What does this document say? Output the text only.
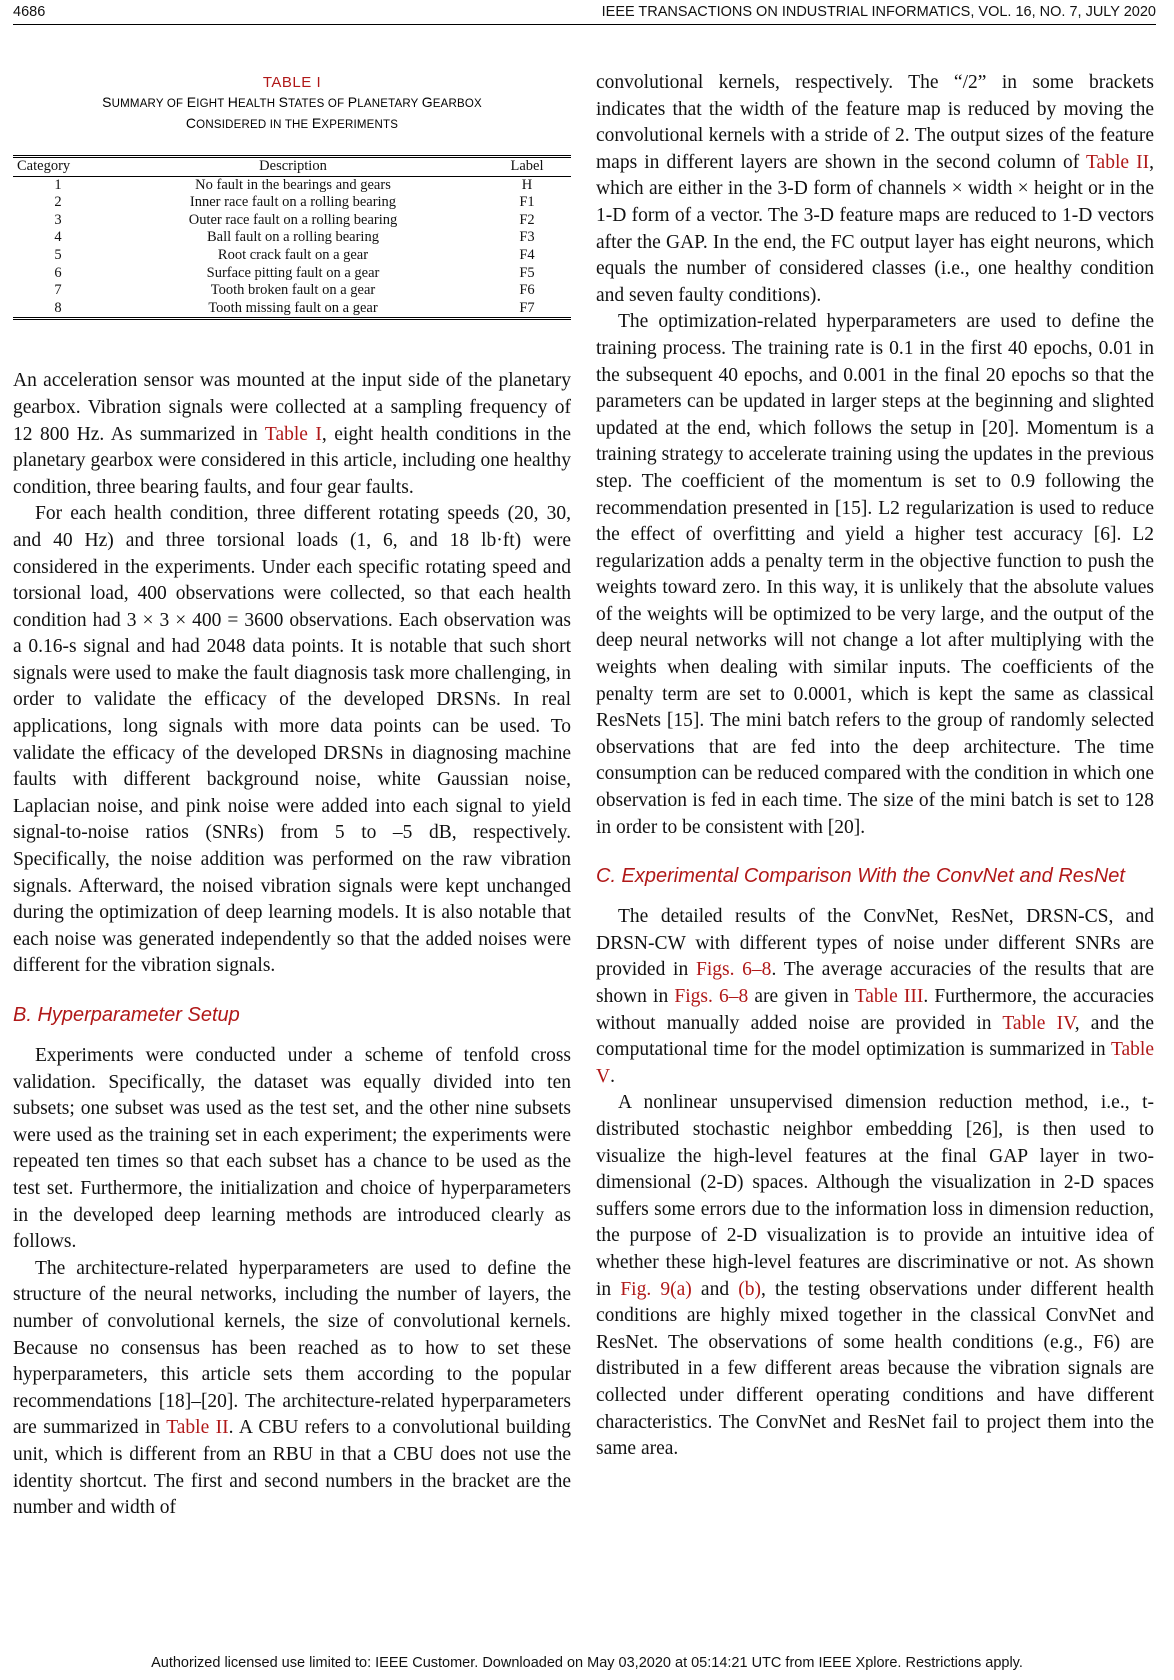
4686	IEEE TRANSACTIONS ON INDUSTRIAL INFORMATICS, VOL. 16, NO. 7, JULY 2020
TABLE I
SUMMARY OF EIGHT HEALTH STATES OF PLANETARY GEARBOX
CONSIDERED IN THE EXPERIMENTS
Category	Description	Label
1	No fault in the bearings and gears	H
2	Inner race fault on a rolling bearing	F1
3	Outer race fault on a rolling bearing	F2
4	Ball fault on a rolling bearing	F3
5	Root crack fault on a gear	F4
6	Surface pitting fault on a gear	F5
7	Tooth broken fault on a gear	F6
8	Tooth missing fault on a gear	F7

An acceleration sensor was mounted at the input side of the planetary gearbox. Vibration signals were collected at a sampling frequency of 12 800 Hz. As summarized in Table I, eight health conditions in the planetary gearbox were considered in this article, including one healthy condition, three bearing faults, and four gear faults.

For each health condition, three different rotating speeds (20, 30, and 40 Hz) and three torsional loads (1, 6, and 18 lb·ft) were considered in the experiments. Under each specific rotating speed and torsional load, 400 observations were collected, so that each health condition had 3 × 3 × 400 = 3600 observations. Each observation was a 0.16-s signal and had 2048 data points. It is notable that such short signals were used to make the fault diagnosis task more challenging, in order to validate the efficacy of the developed DRSNs. In real applications, long signals with more data points can be used. To validate the efficacy of the developed DRSNs in diagnosing machine faults with different background noise, white Gaussian noise, Laplacian noise, and pink noise were added into each signal to yield signal-to-noise ratios (SNRs) from 5 to –5 dB, respectively. Specifically, the noise addition was performed on the raw vibration signals. Afterward, the noised vibration signals were kept unchanged during the optimization of deep learning models. It is also notable that each noise was generated independently so that the added noises were different for the vibration signals.

B. Hyperparameter Setup

Experiments were conducted under a scheme of tenfold cross validation. Specifically, the dataset was equally divided into ten subsets; one subset was used as the test set, and the other nine subsets were used as the training set in each experiment; the experiments were repeated ten times so that each subset has a chance to be used as the test set. Furthermore, the initialization and choice of hyperparameters in the developed deep learning methods are introduced clearly as follows.

The architecture-related hyperparameters are used to define the structure of the neural networks, including the number of layers, the number of convolutional kernels, the size of convolutional kernels. Because no consensus has been reached as to how to set these hyperparameters, this article sets them according to the popular recommendations [18]–[20]. The architecture-related hyperparameters are summarized in Table II. A CBU refers to a convolutional building unit, which is different from an RBU in that a CBU does not use the identity shortcut. The first and second numbers in the bracket are the number and width of

convolutional kernels, respectively. The “/2” in some brackets indicates that the width of the feature map is reduced by moving the convolutional kernels with a stride of 2. The output sizes of the feature maps in different layers are shown in the second column of Table II, which are either in the 3-D form of channels × width × height or in the 1-D form of a vector. The 3-D feature maps are reduced to 1-D vectors after the GAP. In the end, the FC output layer has eight neurons, which equals the number of considered classes (i.e., one healthy condition and seven faulty conditions).

The optimization-related hyperparameters are used to define the training process. The training rate is 0.1 in the first 40 epochs, 0.01 in the subsequent 40 epochs, and 0.001 in the final 20 epochs so that the parameters can be updated in larger steps at the beginning and slighted updated at the end, which follows the setup in [20]. Momentum is a training strategy to accelerate training using the updates in the previous step. The coefficient of the momentum is set to 0.9 following the recommendation presented in [15]. L2 regularization is used to reduce the effect of overfitting and yield a higher test accuracy [6]. L2 regularization adds a penalty term in the objective function to push the weights toward zero. In this way, it is unlikely that the absolute values of the weights will be optimized to be very large, and the output of the deep neural networks will not change a lot after multiplying with the weights when dealing with similar inputs. The coefficients of the penalty term are set to 0.0001, which is kept the same as classical ResNets [15]. The mini batch refers to the group of randomly selected observations that are fed into the deep architecture. The time consumption can be reduced compared with the condition in which one observation is fed in each time. The size of the mini batch is set to 128 in order to be consistent with [20].

C. Experimental Comparison With the ConvNet and ResNet

The detailed results of the ConvNet, ResNet, DRSN-CS, and DRSN-CW with different types of noise under different SNRs are provided in Figs. 6–8. The average accuracies of the results that are shown in Figs. 6–8 are given in Table III. Furthermore, the accuracies without manually added noise are provided in Table IV, and the computational time for the model optimization is summarized in Table V.

A nonlinear unsupervised dimension reduction method, i.e., t-distributed stochastic neighbor embedding [26], is then used to visualize the high-level features at the final GAP layer in two-dimensional (2-D) spaces. Although the visualization in 2-D spaces suffers some errors due to the information loss in dimension reduction, the purpose of 2-D visualization is to provide an intuitive idea of whether these high-level features are discriminative or not. As shown in Fig. 9(a) and (b), the testing observations under different health conditions are highly mixed together in the classical ConvNet and ResNet. The observations of some health conditions (e.g., F6) are distributed in a few different areas because the vibration signals are collected under different operating conditions and have different characteristics. The ConvNet and ResNet fail to project them into the same area.

Authorized licensed use limited to: IEEE Customer. Downloaded on May 03,2020 at 05:14:21 UTC from IEEE Xplore. Restrictions apply.
